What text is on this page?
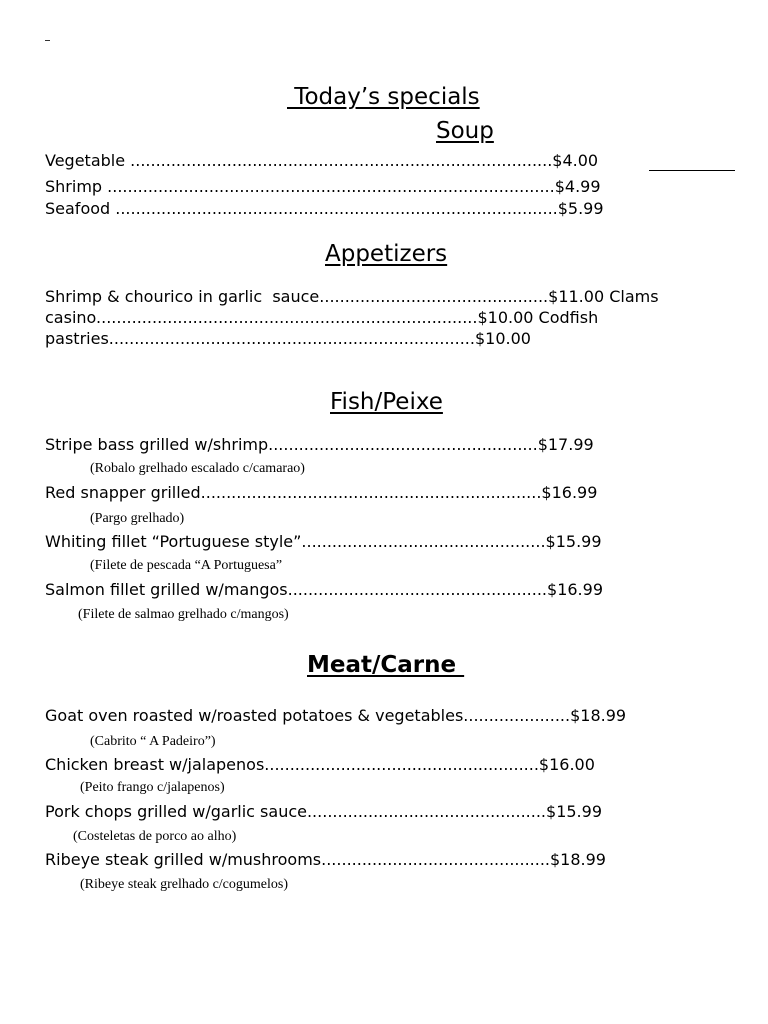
Today’s specials
Soup
Vegetable ...................................................................................$4.00
Shrimp ........................................................................................$4.99
Seafood .......................................................................................$5.99
Appetizers
Shrimp & chourico in garlic  sauce.............................................$11.00 Clams
casino...........................................................................$10.00 Codfish
pastries........................................................................$10.00
Fish/Peixe
Stripe bass grilled w/shrimp.....................................................$17.99
(Robalo grelhado escalado c/camarao)
Red snapper grilled...................................................................$16.99
(Pargo grelhado)
Whiting fillet “Portuguese style”................................................$15.99
(Filete de pescada “A Portuguesa”
Salmon fillet grilled w/mangos...................................................$16.99
(Filete de salmao grelhado c/mangos)
Meat/Carne
Goat oven roasted w/roasted potatoes & vegetables.....................$18.99
(Cabrito “ A Padeiro”)
Chicken breast w/jalapenos......................................................$16.00
(Peito frango c/jalapenos)
Pork chops grilled w/garlic sauce...............................................$15.99
(Costeletas de porco ao alho)
Ribeye steak grilled w/mushrooms.............................................$18.99
(Ribeye steak grelhado c/cogumelos)
